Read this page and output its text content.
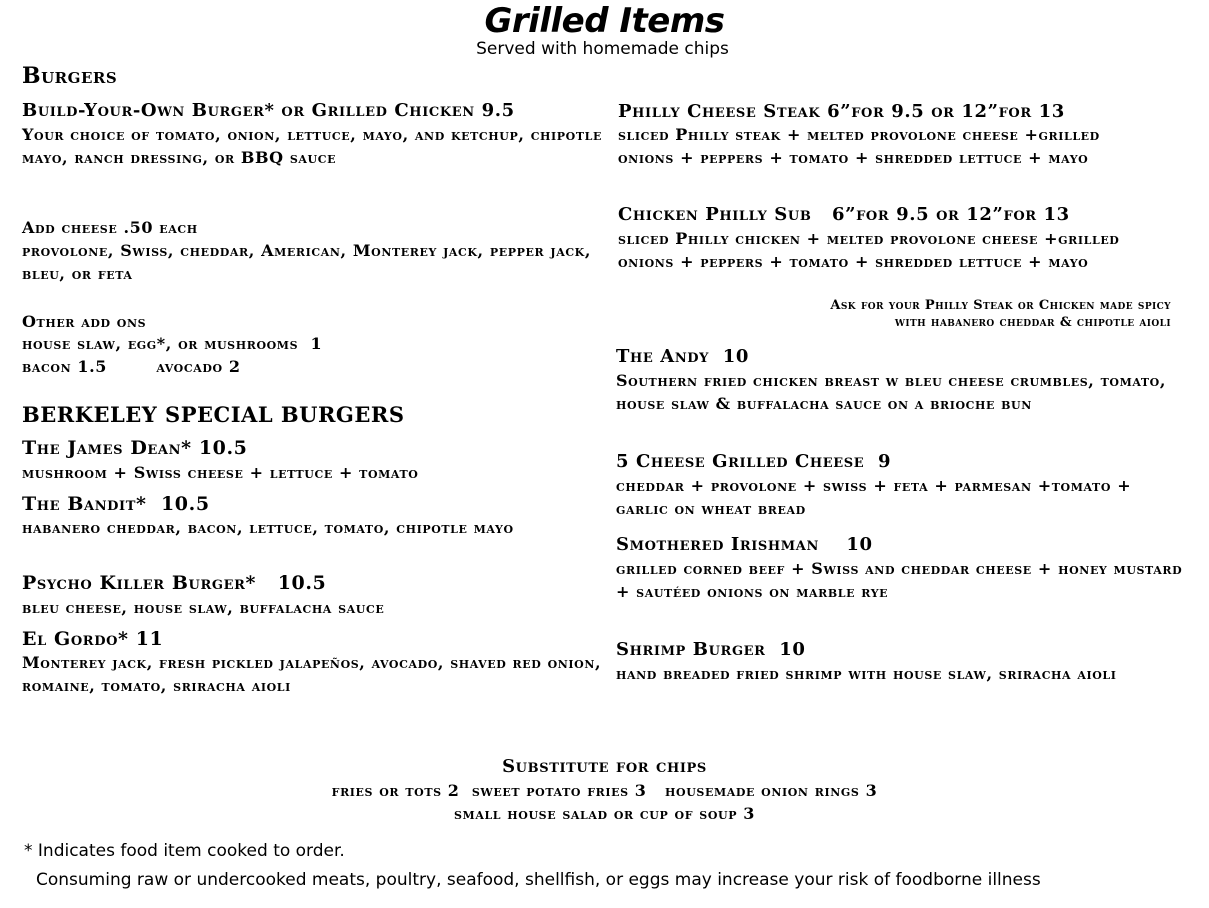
Grilled Items
Served with homemade chips
Burgers
Build-Your-Own Burger* or Grilled Chicken 9.5
Your choice of tomato, onion, lettuce, mayo, and ketchup, chipotle mayo, ranch dressing, or BBQ sauce
Add cheese .50 each
provolone, Swiss, cheddar, American, Monterey jack, pepper jack, bleu, or feta
Other add ons
house slaw, egg*, or mushrooms  1
bacon 1.5        avocado 2
BERKELEY SPECIAL BURGERS
The James Dean* 10.5
mushroom + Swiss cheese + lettuce + tomato
The Bandit*  10.5
habanero cheddar, bacon, lettuce, tomato, chipotle mayo
Psycho Killer Burger*   10.5
bleu cheese, house slaw, buffalacha sauce
El Gordo* 11
Monterey jack, fresh pickled jalapeños, avocado, shaved red onion, romaine, tomato, sriracha aioli
Philly Cheese Steak 6”for 9.5 or 12”for 13
sliced Philly steak + melted provolone cheese +grilled onions + peppers + tomato + shredded lettuce + mayo
Chicken Philly Sub   6”for 9.5 or 12”for 13
sliced Philly chicken + melted provolone cheese +grilled onions + peppers + tomato + shredded lettuce + mayo
Ask for your Philly Steak or Chicken made spicy
with habanero cheddar & chipotle aioli
The Andy  10
Southern fried chicken breast w bleu cheese crumbles, tomato, house slaw & buffalacha sauce on a brioche bun
5 Cheese Grilled Cheese  9
cheddar + provolone + swiss + feta + parmesan +tomato + garlic on wheat bread
Smothered Irishman    10
grilled corned beef + Swiss and cheddar cheese + honey mustard + sautéed onions on marble rye
Shrimp Burger  10
hand breaded fried shrimp with house slaw, sriracha aioli
Substitute for chips
fries or tots 2  sweet potato fries 3   housemade onion rings 3
small house salad or cup of soup 3
* Indicates food item cooked to order.
Consuming raw or undercooked meats, poultry, seafood, shellfish, or eggs may increase your risk of foodborne illness
